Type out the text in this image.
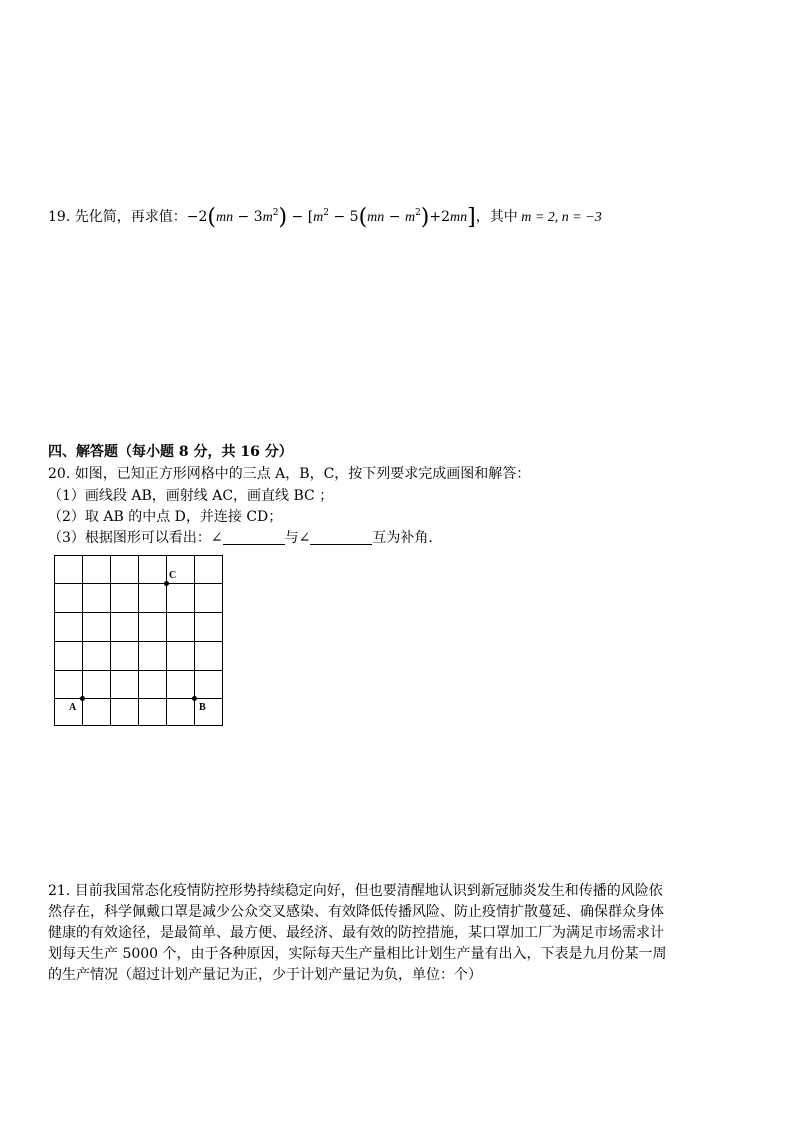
19. 先化简，再求值：$-2(mn - 3m^2) - [m^2 - 5(mn - m^2)+2mn]$，其中 m = 2, n = −3
四、解答题（每小题 8 分，共 16 分）
20. 如图，已知正方形网格中的三点 A，B，C，按下列要求完成画图和解答：
（1）画线段 AB，画射线 AC，画直线 BC ；
（2）取 AB 的中点 D，并连接 CD；
（3）根据图形可以看出：∠	与∠	互为补角．
A	B
C
21. 目前我国常态化疫情防控形势持续稳定向好，但也要清醒地认识到新冠肺炎发生和传播的风险依
然存在，科学佩戴口罩是减少公众交叉感染、有效降低传播风险、防止疫情扩散蔓延、确保群众身体
健康的有效途径，是最简单、最方便、最经济、最有效的防控措施，某口罩加工厂为满足市场需求计
划每天生产 5000 个，由于各种原因，实际每天生产量相比计划生产量有出入，下表是九月份某一周
的生产情况（超过计划产量记为正，少于计划产量记为负，单位：个）
